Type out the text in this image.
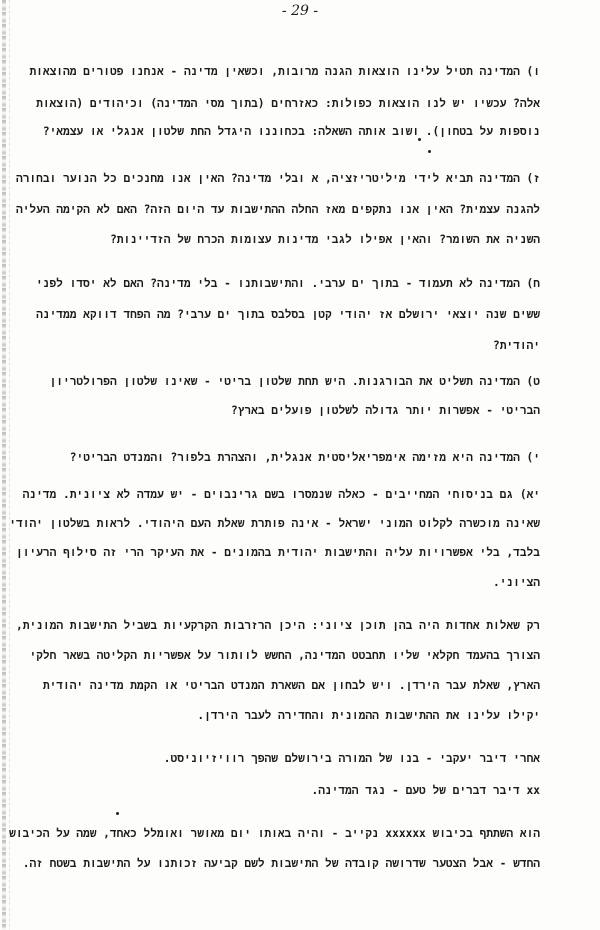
- 29 -
ו) המדינה תטיל עלינו הוצאות הגנה מרובות, וכשאין מדינה - אנחנו פטורים מהוצאות
אלה? עכשיו יש לנו הוצאות כפולות: כאזרחים (בתוך מסי המדינה) וכיהודים (הוצאות
נוספות על בטחון). ושוב אותה השאלה: בכחוננו היגדל החת שלטון אנגלי או עצמאי?
ז) המדינה תביא לידי מיליטריזציה, א ובלי מדינה? האין אנו מחנכים כל הנוער ובחורה
להגנה עצמית? האין אנו נתקפים מאז החלה ההתישבות עד היום הזה? האם לא הקימה העליה
השניה את השומר? והאין אפילו לגבי מדינות עצומות הכרח של הזדיינות?
ח) המדינה לא תעמוד - בתוך ים ערבי. והתישבותנו - בלי מדינה? האם לא יסדו לפני
ששים שנה יוצאי ירושלם אז יהודי קטן בסלבס בתוך ים ערבי? מה הפחד דווקא ממדינה
יהודית?
ט) המדינה תשליט את הבורגנות. היש תחת שלטון בריטי - שאינו שלטון הפרולטריון
הבריטי - אפשרות יותר גדולה לשלטון פועלים בארץ?
י) המדינה היא מזימה אימפריאליסטית אנגלית, והצהרת בלפור? והמנדט הבריטי?
יא) גם בניסוחי המחייבים - כאלה שנמסרו בשם גרינבוים - יש עמדה לא ציונית. מדינה
שאינה מוכשרה לקלוט המוני ישראל - אינה פותרת שאלת העם היהודי. לראות בשלטון יהודי
בלבד, בלי אפשרויות עליה והתישבות יהודית בהמונים - את העיקר הרי זה סילוף הרעיון
הציוני.
רק שאלות אחדות היה בהן תוכן ציוני: היכן הרזרבות הקרקעיות בשביל התישבות המונית,
הצורך בהעמד חקלאי שליו תחבטט המדינה, החשש לוותור על אפשריות הקליטה בשאר חלקי
הארץ, שאלת עבר הירדן. ויש לבחון אם השארת המנדט הבריטי או הקמת מדינה יהודית
יקילו עלינו את ההתישבות ההמונית והחדירה לעבר הירדן.
אחרי דיבר יעקבי - בנו של המורה בירושלם שהפך רוויזיוניסט.
xx דיבר דברים של טעם - נגד המדינה.
הוא השתתף בכיבוש xxxxxx נקייב - והיה באותו יום מאושר ואומלל כאחד, שמה על הכיבוש
החדש - אבל הצטער שדרושה קובדה של התישבות לשם קביעה זכותנו על התישבות בשטח זה.
